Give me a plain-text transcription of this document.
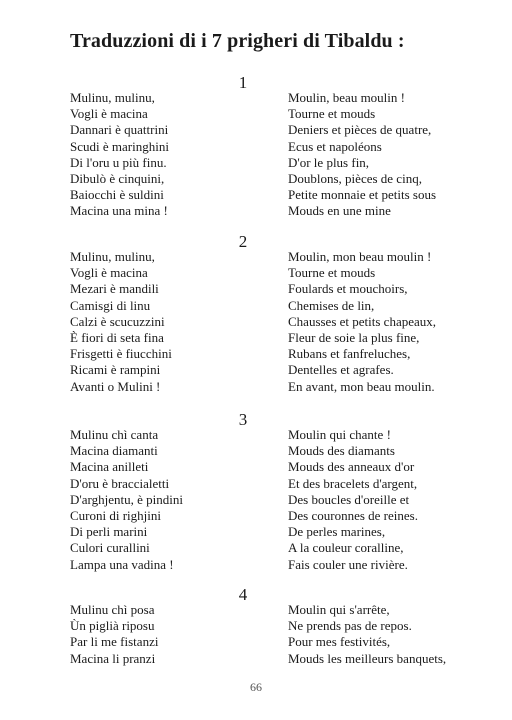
Traduzzioni di i 7 prigheri di Tibaldu :
1
Mulinu, mulinu,
Vogli è macina
Dannari è quattrini
Scudi è maringhini
Di l'oru u più finu.
Dibulò è cinquini,
Baiocchi è suldini
Macina una mina !
Moulin, beau moulin !
Tourne et mouds
Deniers et pièces de quatre,
Ecus et napoléons
D'or le plus fin,
Doublons, pièces de cinq,
Petite monnaie et petits sous
Mouds en une mine
2
Mulinu, mulinu,
Vogli è macina
Mezari è mandili
Camisgi di linu
Calzi è scucuzzini
È fiori di seta fina
Frisgetti è fiucchini
Ricami è rampini
Avanti o Mulini !
Moulin, mon beau moulin !
Tourne et mouds
Foulards et mouchoirs,
Chemises de lin,
Chausses et petits chapeaux,
Fleur de soie la plus fine,
Rubans et fanfreluches,
Dentelles et agrafes.
En avant, mon beau moulin.
3
Mulinu chì canta
Macina diamanti
Macina anilleti
D'oru è braccialetti
D'arghjentu, è pindini
Curoni di righjini
Di perli marini
Culori curallini
Lampa una vadina !
Moulin qui chante !
Mouds des diamants
Mouds des anneaux d'or
Et des bracelets d'argent,
Des boucles d'oreille et
Des couronnes de reines.
De perles marines,
A la couleur coralline,
Fais couler une rivière.
4
Mulinu chì posa
Ùn piglià riposu
Par li me fistanzi
Macina li pranzi
Moulin qui s'arrête,
Ne prends pas de repos.
Pour mes festivités,
Mouds les meilleurs banquets,
66
